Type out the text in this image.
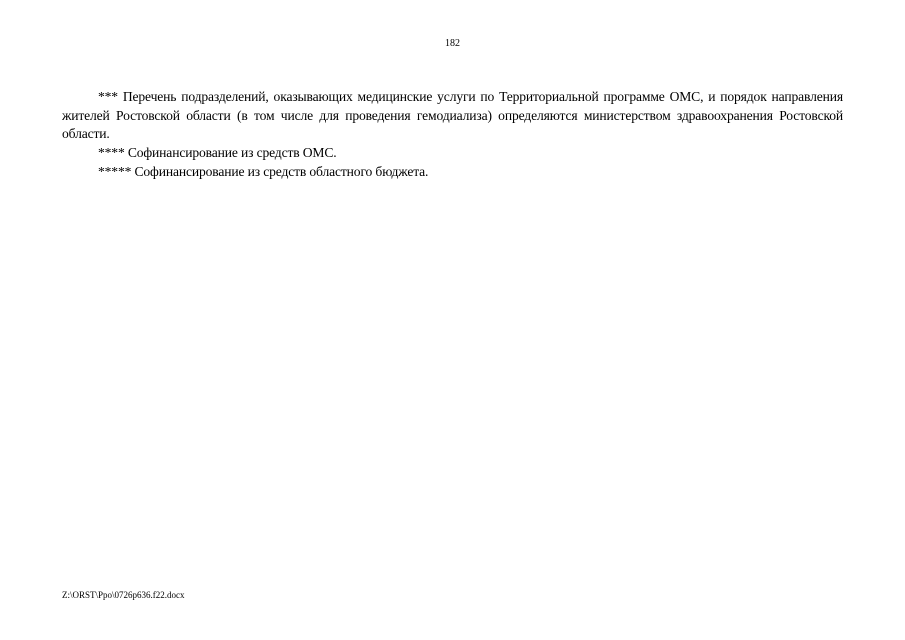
182

*** Перечень подразделений, оказывающих медицинские услуги по Территориальной программе ОМС, и порядок направления жителей Ростовской области (в том числе для проведения гемодиализа) определяются министерством здравоохранения Ростовской области.

**** Софинансирование из средств ОМС.

***** Софинансирование из средств областного бюджета.

Z:\ORST\Ppo\0726p636.f22.docx
